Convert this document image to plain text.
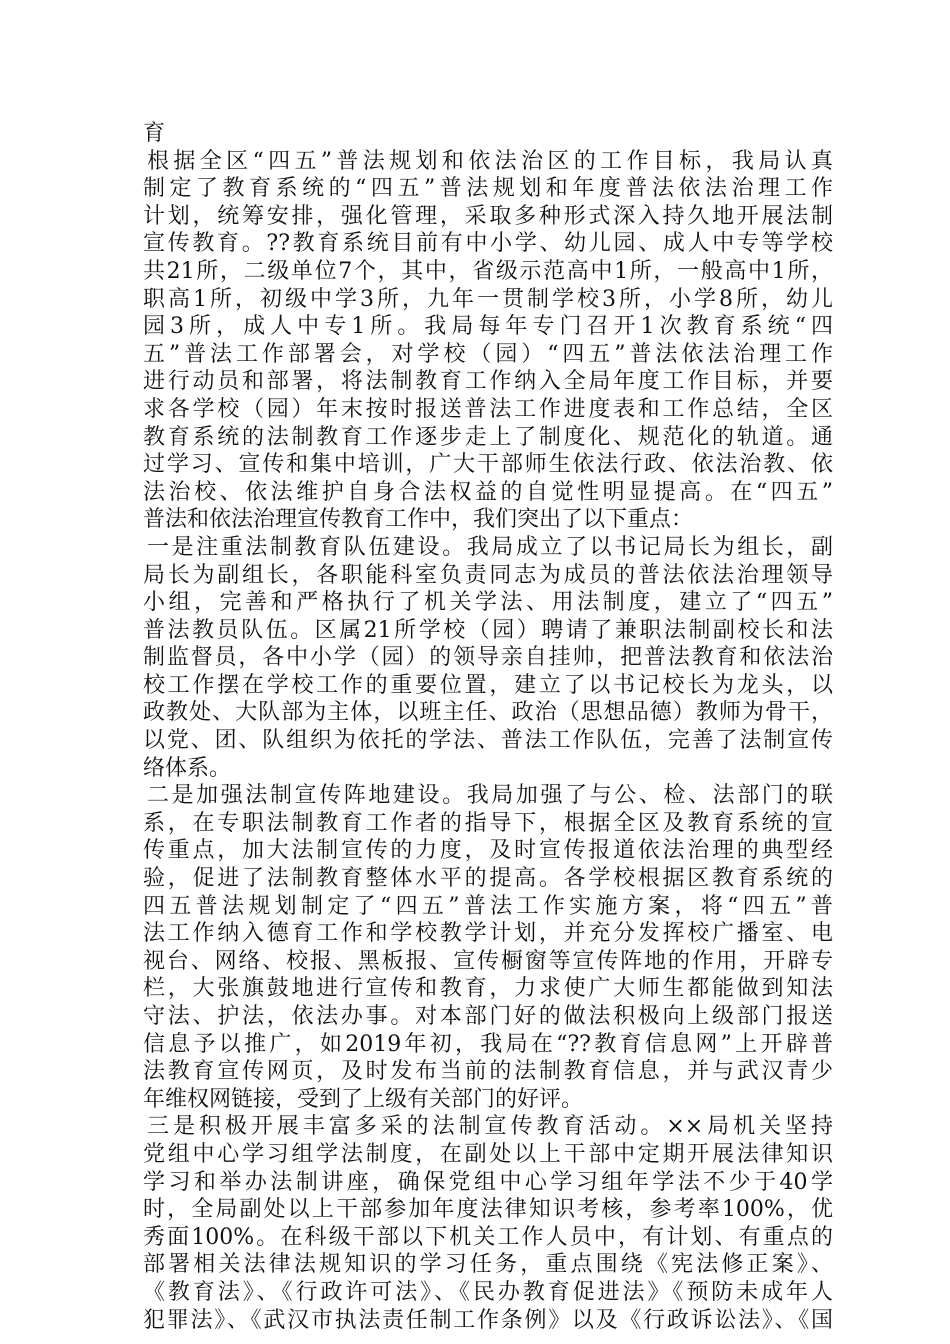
育
根据全区“四五”普法规划和依法治区的工作目标，我局认真
制定了教育系统的“四五”普法规划和年度普法依法治理工作
计划，统筹安排，强化管理，采取多种形式深入持久地开展法制
宣传教育。??教育系统目前有中小学、幼儿园、成人中专等学校
共21所，二级单位7个，其中，省级示范高中1所，一般高中1所，
职高1所，初级中学3所，九年一贯制学校3所，小学8所，幼儿
园3所，成人中专1所。我局每年专门召开1次教育系统“四
五”普法工作部署会，对学校（园）“四五”普法依法治理工作
进行动员和部署，将法制教育工作纳入全局年度工作目标，并要
求各学校（园）年末按时报送普法工作进度表和工作总结，全区
教育系统的法制教育工作逐步走上了制度化、规范化的轨道。通
过学习、宣传和集中培训，广大干部师生依法行政、依法治教、依
法治校、依法维护自身合法权益的自觉性明显提高。在“四五”
普法和依法治理宣传教育工作中，我们突出了以下重点：
一是注重法制教育队伍建设。我局成立了以书记局长为组长，副
局长为副组长，各职能科室负责同志为成员的普法依法治理领导
小组，完善和严格执行了机关学法、用法制度，建立了“四五”
普法教员队伍。区属21所学校（园）聘请了兼职法制副校长和法
制监督员，各中小学（园）的领导亲自挂帅，把普法教育和依法治
校工作摆在学校工作的重要位置，建立了以书记校长为龙头，以
政教处、大队部为主体，以班主任、政治（思想品德）教师为骨干，
以党、团、队组织为依托的学法、普法工作队伍，完善了法制宣传
络体系。
二是加强法制宣传阵地建设。我局加强了与公、检、法部门的联
系，在专职法制教育工作者的指导下，根据全区及教育系统的宣
传重点，加大法制宣传的力度，及时宣传报道依法治理的典型经
验，促进了法制教育整体水平的提高。各学校根据区教育系统的
四五普法规划制定了“四五”普法工作实施方案，将“四五”普
法工作纳入德育工作和学校教学计划，并充分发挥校广播室、电
视台、网络、校报、黑板报、宣传橱窗等宣传阵地的作用，开辟专
栏，大张旗鼓地进行宣传和教育，力求使广大师生都能做到知法
守法、护法，依法办事。对本部门好的做法积极向上级部门报送
信息予以推广，如2019年初，我局在“??教育信息网”上开辟普
法教育宣传网页，及时发布当前的法制教育信息，并与武汉青少
年维权网链接，受到了上级有关部门的好评。
三是积极开展丰富多采的法制宣传教育活动。××局机关坚持
党组中心学习组学法制度，在副处以上干部中定期开展法律知识
学习和举办法制讲座，确保党组中心学习组年学法不少于40学
时，全局副处以上干部参加年度法律知识考核，参考率100%，优
秀面100%。在科级干部以下机关工作人员中，有计划、有重点的
部署相关法律法规知识的学习任务，重点围绕《宪法修正案》、
《教育法》、《行政许可法》、《民办教育促进法》《预防未成年人
犯罪法》、《武汉市执法责任制工作条例》以及《行政诉讼法》、《国
